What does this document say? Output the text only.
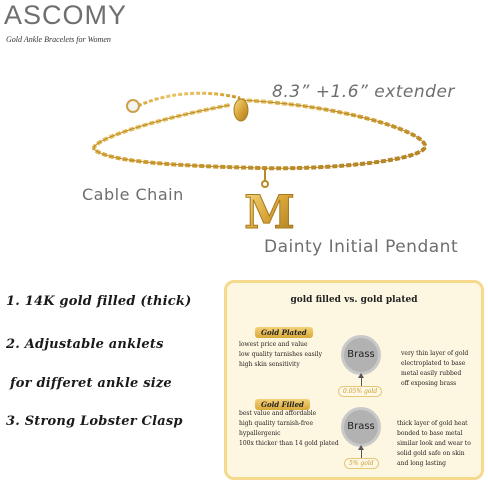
ASCOMY
Gold Ankle Bracelets for Women
M
8.3” +1.6” extender
Cable Chain
Dainty Initial Pendant
1. 14K gold filled (thick)
2. Adjustable anklets
for differet ankle size
3. Strong Lobster Clasp
gold filled vs. gold plated
Gold Plated
lowest price and value
low quality tarnishes easily
high skin sensitivity
Brass
0.05% gold
very thin layer of gold
electroplated to base
metal easily rubbed
off exposing brass
Gold Filled
best value and affordable
high quality tarnish-free
hypallergenic
100x thicker than 14 gold plated
Brass
5% gold
thick layer of gold heat
bonded to base metal
similar look and wear to
solid gold safe on skin
and long lasting
